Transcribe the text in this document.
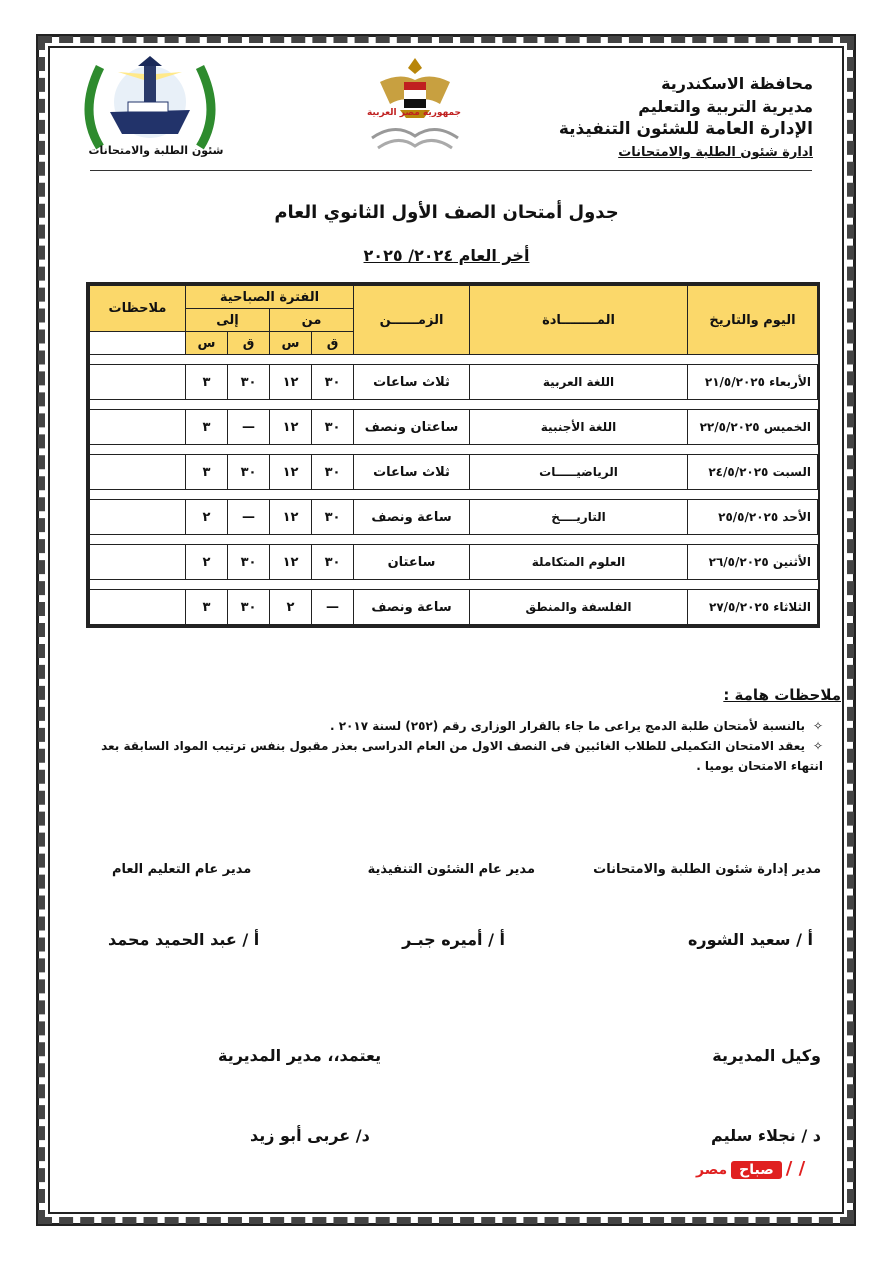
شئون الطلبة والامتحانات
جمهورية مصر العربية
محافظة الاسكندرية
مديرية التربية والتعليم
الإدارة العامة للشئون التنفيذية
ادارة شئون الطلبة والامتحانات
جدول أمتحان الصف الأول الثانوي العام
أخر العام ٢٠٢٤/ ٢٠٢٥
اليوم والتاريخ	المــــــــادة	الزمــــــن	الفترة الصباحية				ملاحظات
			من		إلى		
			ق	س	ق	س	

الأربعاء ٢١/٥/٢٠٢٥	اللغة العربية	ثلاث ساعات	٣٠	١٢	٣٠	٣	

الخميس ٢٢/٥/٢٠٢٥	اللغة الأجنبية	ساعتان ونصف	٣٠	١٢	—	٣	

السبت ٢٤/٥/٢٠٢٥	الرياضيـــــات	ثلاث ساعات	٣٠	١٢	٣٠	٣	

الأحد ٢٥/٥/٢٠٢٥	التاريــــخ	ساعة ونصف	٣٠	١٢	—	٢	

الأثنين ٢٦/٥/٢٠٢٥	العلوم المتكاملة	ساعتان	٣٠	١٢	٣٠	٢	

الثلاثاء ٢٧/٥/٢٠٢٥	الفلسفة والمنطق	ساعة ونصف	—	٢	٣٠	٣	
ملاحظات هامة :
✧بالنسبة لأمتحان طلبة الدمج يراعى ما جاء بالقرار الوزارى رقم (٢٥٢) لسنة ٢٠١٧ .
✧يعقد الامتحان التكميلى للطلاب الغائبين فى النصف الاول من العام الدراسى بعذر مقبول بنفس ترتيب المواد السابقة بعد انتهاء الامتحان يوميا .
مدير إدارة شئون الطلبة والامتحانات
مدير عام الشئون التنفيذية
مدير عام التعليم العام
أ / سعيد الشوره
أ / أميره جبـر
أ / عبد الحميد محمد
وكيل المديرية
يعتمد،، مدير المديرية
د / نجلاء سليم
د/ عربى أبو زيد
/ /صباحمصر
